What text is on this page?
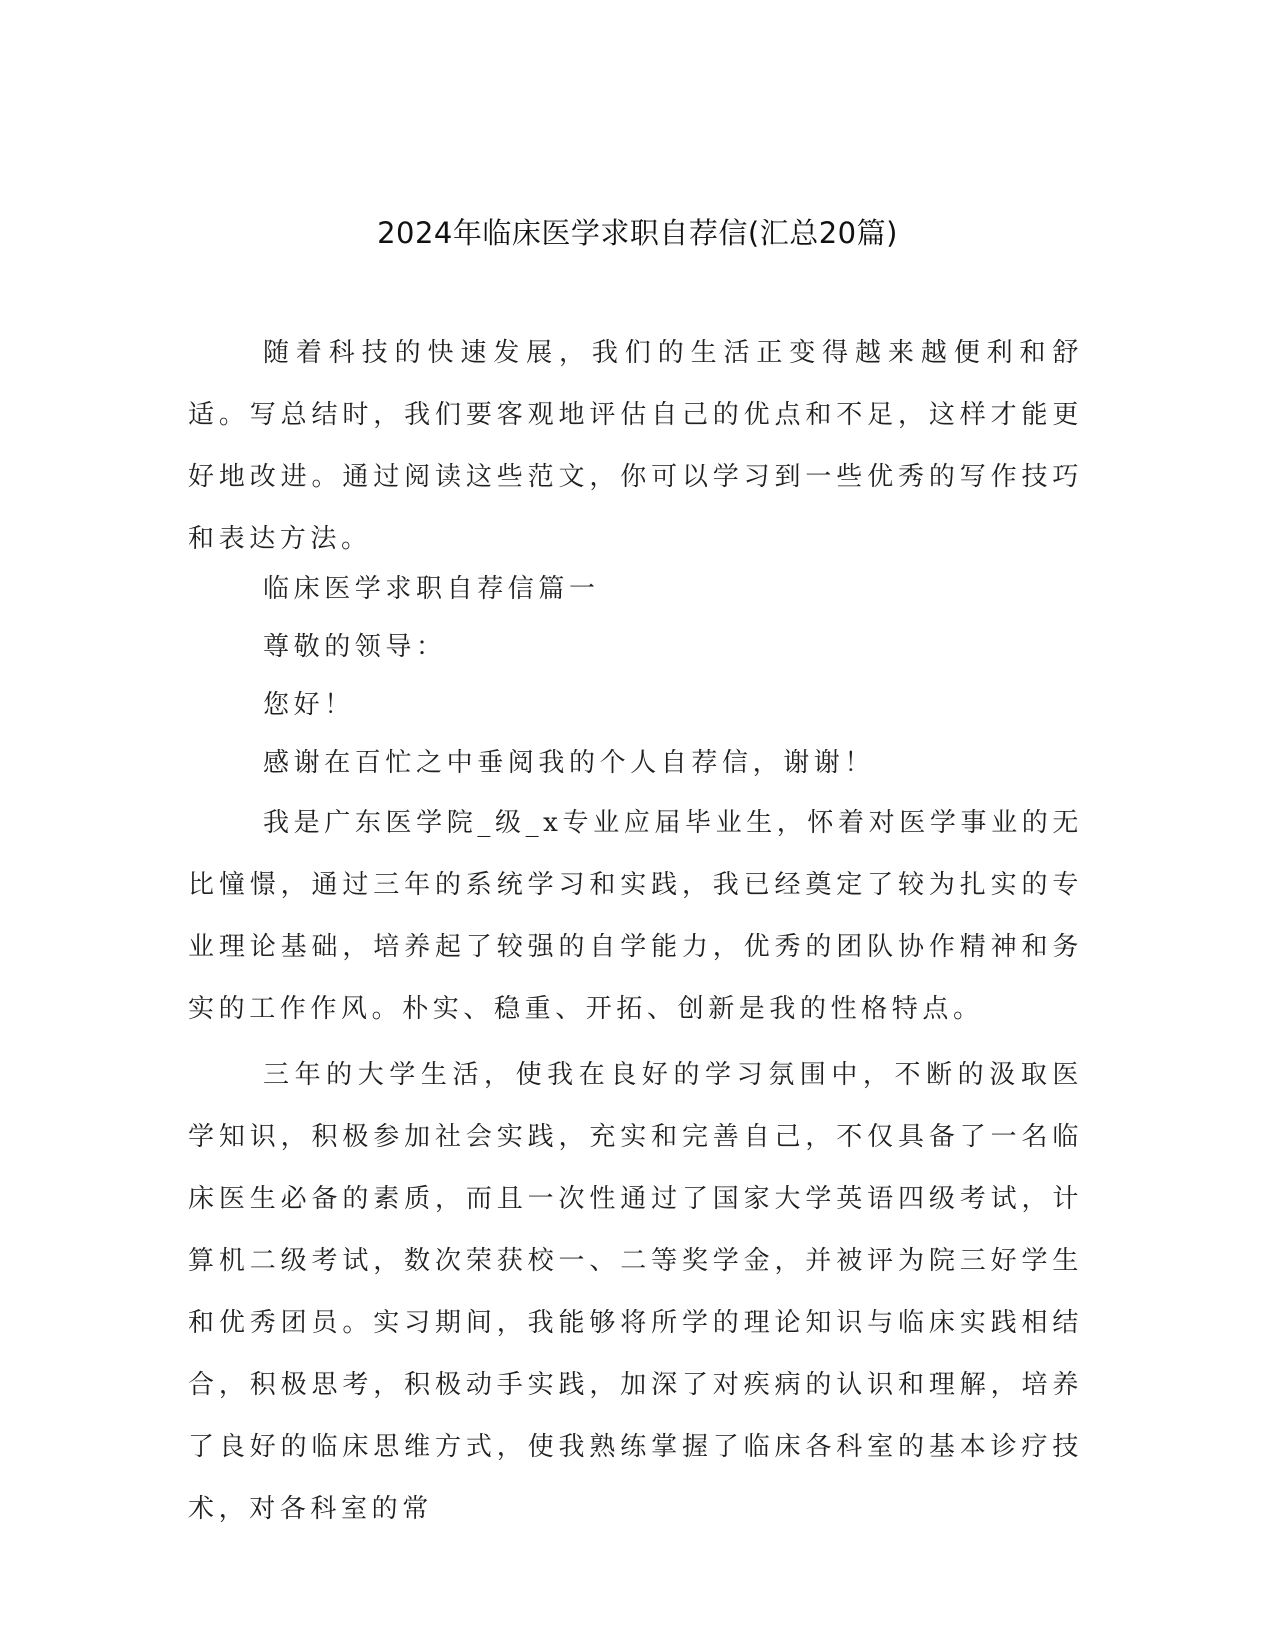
2024年临床医学求职自荐信(汇总20篇)

随着科技的快速发展，我们的生活正变得越来越便利和舒适。写总结时，我们要客观地评估自己的优点和不足，这样才能更好地改进。通过阅读这些范文，你可以学习到一些优秀的写作技巧和表达方法。

临床医学求职自荐信篇一

尊敬的领导：

您好！

感谢在百忙之中垂阅我的个人自荐信，谢谢！

我是广东医学院_级_x专业应届毕业生，怀着对医学事业的无比憧憬，通过三年的系统学习和实践，我已经奠定了较为扎实的专业理论基础，培养起了较强的自学能力，优秀的团队协作精神和务实的工作作风。朴实、稳重、开拓、创新是我的性格特点。

三年的大学生活，使我在良好的学习氛围中，不断的汲取医学知识，积极参加社会实践，充实和完善自己，不仅具备了一名临床医生必备的素质，而且一次性通过了国家大学英语四级考试，计算机二级考试，数次荣获校一、二等奖学金，并被评为院三好学生和优秀团员。实习期间，我能够将所学的理论知识与临床实践相结合，积极思考，积极动手实践，加深了对疾病的认识和理解，培养了良好的临床思维方式，使我熟练掌握了临床各科室的基本诊疗技术，对各科室的常
